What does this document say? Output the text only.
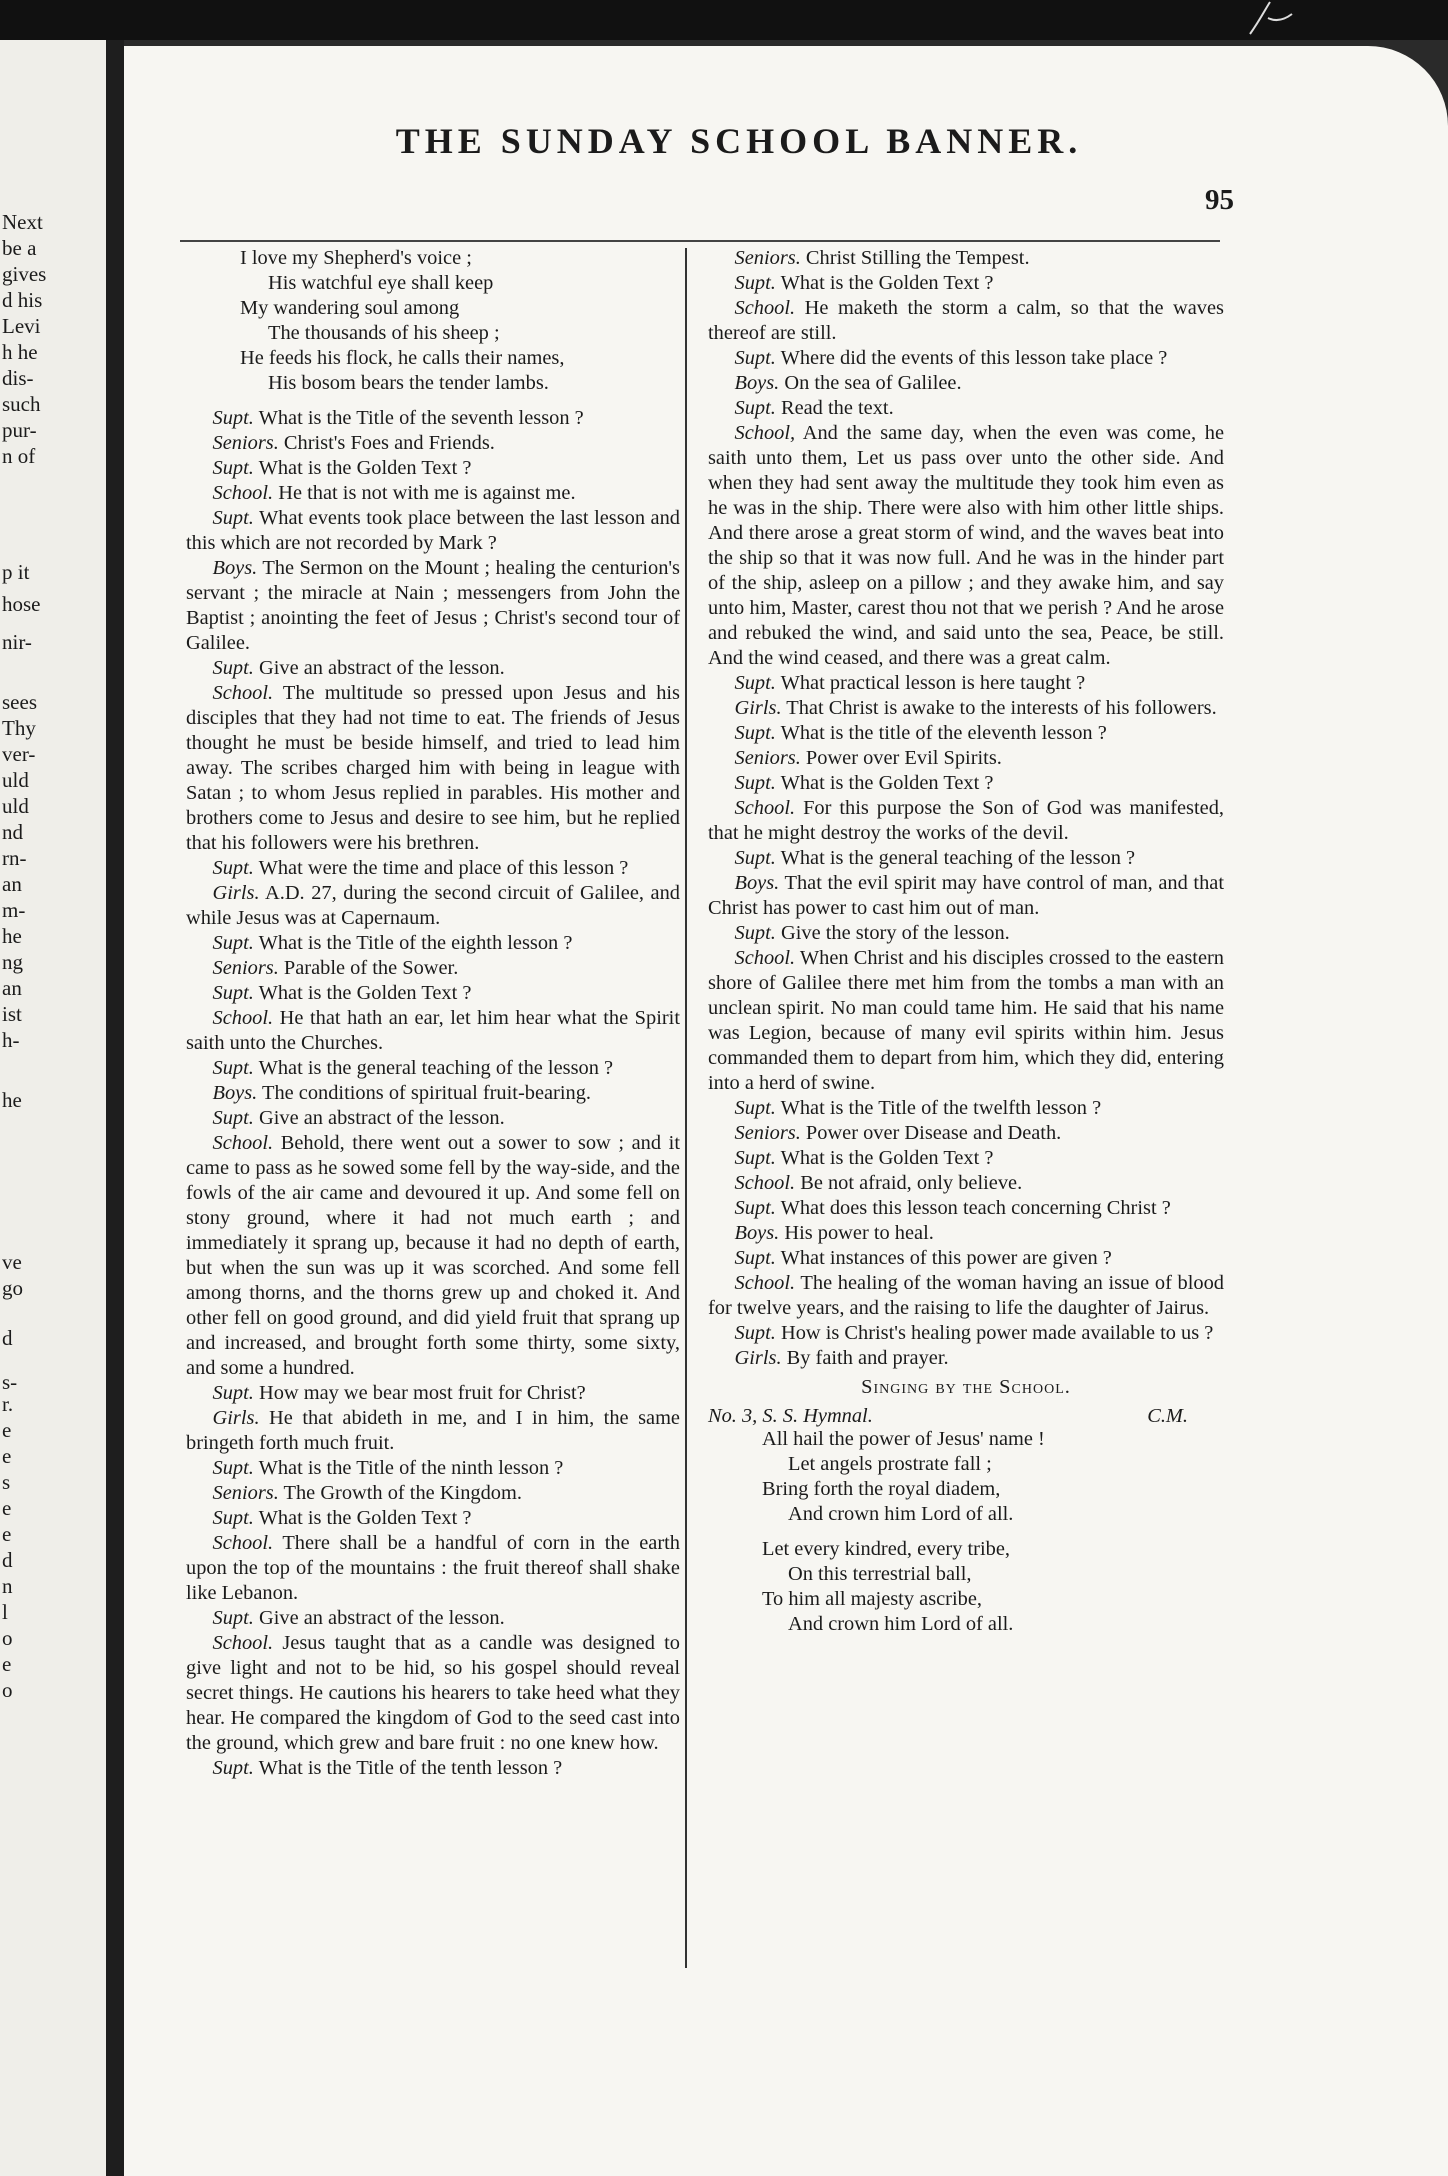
Next
be a
gives
d his
Levi
h he
dis-
such
pur-
n of
p it
hose
nir-
sees
Thy
ver-
uld
uld
nd
rn-
an
m-
he
ng
an
ist
h-
he
ve
go
d
s-
r.
e
e
s
e
e
d
n
l
o
e
o
THE SUNDAY SCHOOL BANNER.
95
I love my Shepherd's voice ;
His watchful eye shall keep
My wandering soul among
The thousands of his sheep ;
He feeds his flock, he calls their names,
His bosom bears the tender lambs.

Supt. What is the Title of the seventh lesson ?

Seniors. Christ's Foes and Friends.

Supt. What is the Golden Text ?

School. He that is not with me is against me.

Supt. What events took place between the last lesson and this which are not recorded by Mark ?

Boys. The Sermon on the Mount ; healing the centurion's servant ; the miracle at Nain ; messengers from John the Baptist ; anointing the feet of Jesus ; Christ's second tour of Galilee.

Supt. Give an abstract of the lesson.

School. The multitude so pressed upon Jesus and his disciples that they had not time to eat. The friends of Jesus thought he must be beside himself, and tried to lead him away. The scribes charged him with being in league with Satan ; to whom Jesus replied in parables. His mother and brothers come to Jesus and desire to see him, but he replied that his followers were his brethren.

Supt. What were the time and place of this lesson ?

Girls. A.D. 27, during the second circuit of Galilee, and while Jesus was at Capernaum.

Supt. What is the Title of the eighth lesson ?

Seniors. Parable of the Sower.

Supt. What is the Golden Text ?

School. He that hath an ear, let him hear what the Spirit saith unto the Churches.

Supt. What is the general teaching of the lesson ?

Boys. The conditions of spiritual fruit-bearing.

Supt. Give an abstract of the lesson.

School. Behold, there went out a sower to sow ; and it came to pass as he sowed some fell by the way-side, and the fowls of the air came and devoured it up. And some fell on stony ground, where it had not much earth ; and immediately it sprang up, because it had no depth of earth, but when the sun was up it was scorched. And some fell among thorns, and the thorns grew up and choked it. And other fell on good ground, and did yield fruit that sprang up and increased, and brought forth some thirty, some sixty, and some a hundred.

Supt. How may we bear most fruit for Christ?

Girls. He that abideth in me, and I in him, the same bringeth forth much fruit.

Supt. What is the Title of the ninth lesson ?

Seniors. The Growth of the Kingdom.

Supt. What is the Golden Text ?

School. There shall be a handful of corn in the earth upon the top of the mountains : the fruit thereof shall shake like Lebanon.

Supt. Give an abstract of the lesson.

School. Jesus taught that as a candle was designed to give light and not to be hid, so his gospel should reveal secret things. He cautions his hearers to take heed what they hear. He compared the kingdom of God to the seed cast into the ground, which grew and bare fruit : no one knew how.

Supt. What is the Title of the tenth lesson ?

Seniors. Christ Stilling the Tempest.

Supt. What is the Golden Text ?

School. He maketh the storm a calm, so that the waves thereof are still.

Supt. Where did the events of this lesson take place ?

Boys. On the sea of Galilee.

Supt. Read the text.

School, And the same day, when the even was come, he saith unto them, Let us pass over unto the other side. And when they had sent away the multitude they took him even as he was in the ship. There were also with him other little ships. And there arose a great storm of wind, and the waves beat into the ship so that it was now full. And he was in the hinder part of the ship, asleep on a pillow ; and they awake him, and say unto him, Master, carest thou not that we perish ? And he arose and rebuked the wind, and said unto the sea, Peace, be still. And the wind ceased, and there was a great calm.

Supt. What practical lesson is here taught ?

Girls. That Christ is awake to the interests of his followers.

Supt. What is the title of the eleventh lesson ?

Seniors. Power over Evil Spirits.

Supt. What is the Golden Text ?

School. For this purpose the Son of God was manifested, that he might destroy the works of the devil.

Supt. What is the general teaching of the lesson ?

Boys. That the evil spirit may have control of man, and that Christ has power to cast him out of man.

Supt. Give the story of the lesson.

School. When Christ and his disciples crossed to the eastern shore of Galilee there met him from the tombs a man with an unclean spirit. No man could tame him. He said that his name was Legion, because of many evil spirits within him. Jesus commanded them to depart from him, which they did, entering into a herd of swine.

Supt. What is the Title of the twelfth lesson ?

Seniors. Power over Disease and Death.

Supt. What is the Golden Text ?

School. Be not afraid, only believe.

Supt. What does this lesson teach concerning Christ ?

Boys. His power to heal.

Supt. What instances of this power are given ?

School. The healing of the woman having an issue of blood for twelve years, and the raising to life the daughter of Jairus.

Supt. How is Christ's healing power made available to us ?

Girls. By faith and prayer.

Singing by the School.
No. 3, S. S. Hymnal.	C.M.
All hail the power of Jesus' name !
Let angels prostrate fall ;
Bring forth the royal diadem,
And crown him Lord of all.
Let every kindred, every tribe,
On this terrestrial ball,
To him all majesty ascribe,
And crown him Lord of all.
